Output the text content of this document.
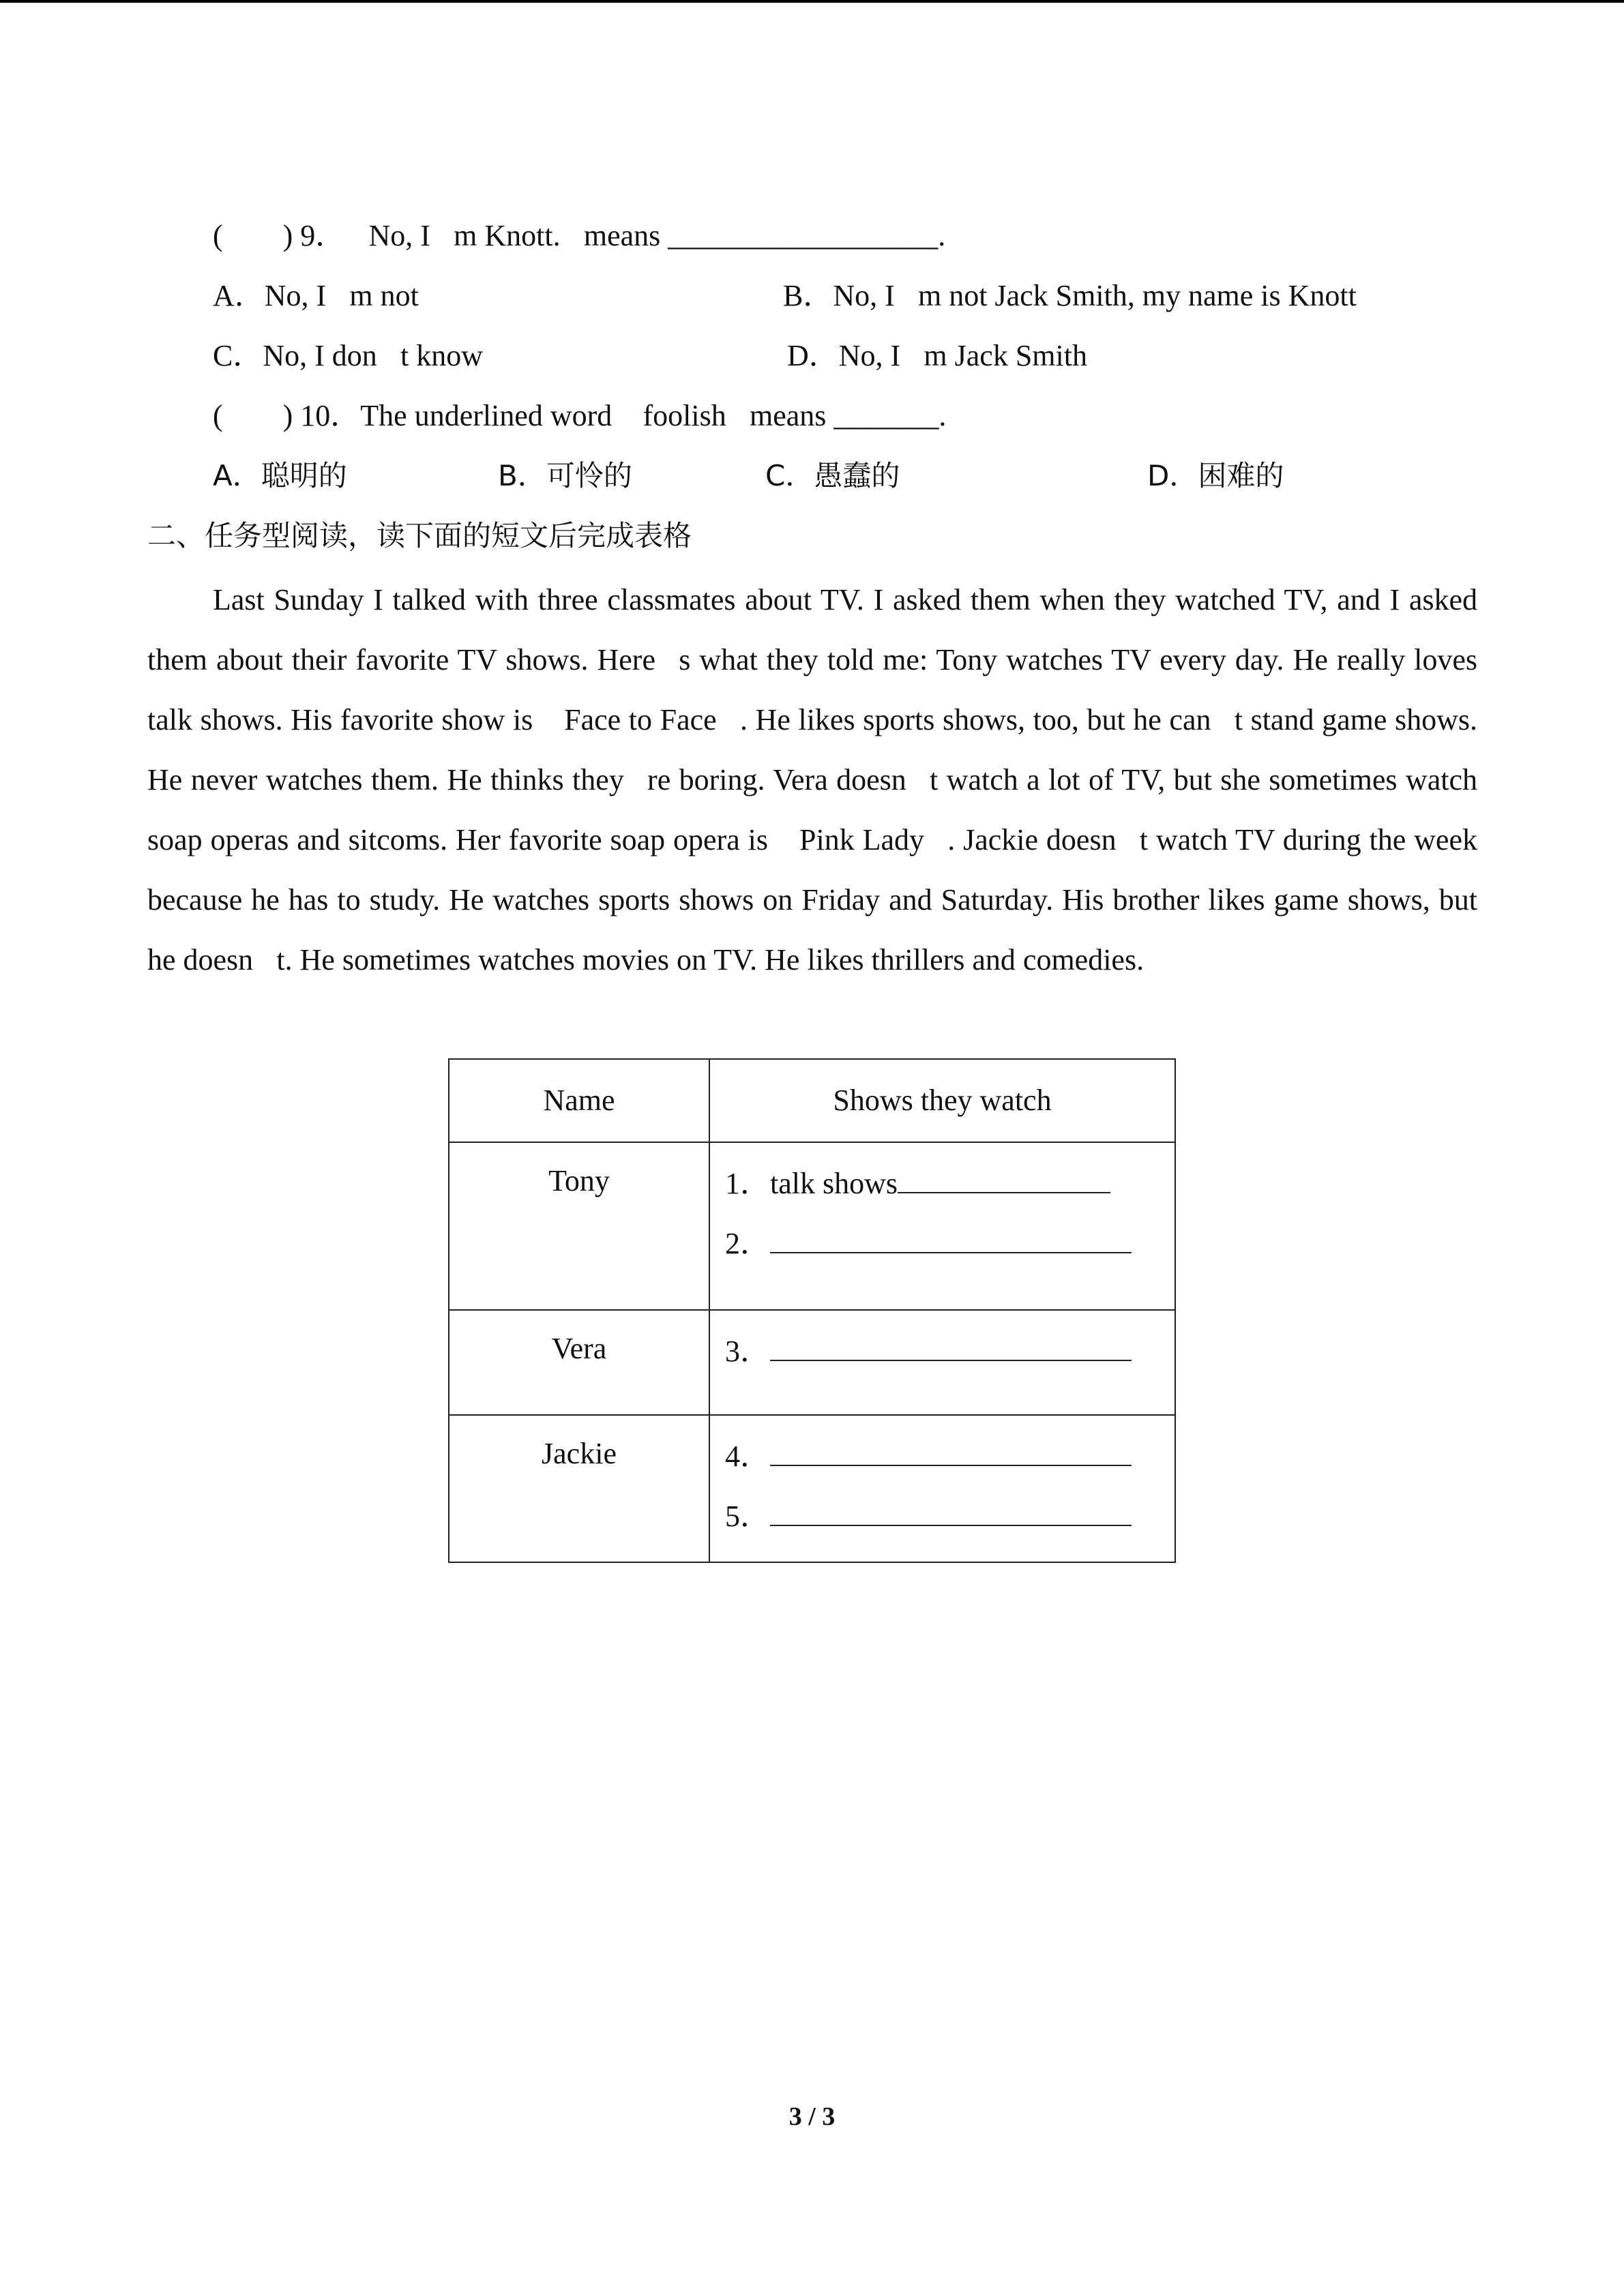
(        ) 9． No, I m Knott. means __________________.
A．No, I m not	B．No, I m not Jack Smith, my name is Knott
C．No, I don t know	D．No, I m Jack Smith
(        ) 10．The underlined word  foolish means _______.
A．聪明的	B．可怜的	C．愚蠢的	D．困难的
二、任务型阅读，读下面的短文后完成表格
Last Sunday I talked with three classmates about TV. I asked them when they watched TV, and I asked them about their favorite TV shows. Here s what they told me: Tony watches TV every day. He really loves talk shows. His favorite show is  Face to Face . He likes sports shows, too, but he can t stand game shows. He never watches them. He thinks they re boring. Vera doesn t watch a lot of TV, but she sometimes watch soap operas and sitcoms. Her favorite soap opera is  Pink Lady . Jackie doesn t watch TV during the week because he has to study. He watches sports shows on Friday and Saturday. His brother likes game shows, but he doesn t. He sometimes watches movies on TV. He likes thrillers and comedies.
Name	Shows they watch
Tony	1．talk shows
2．

Vera	3．

Jackie	4．
5．
3 / 3
